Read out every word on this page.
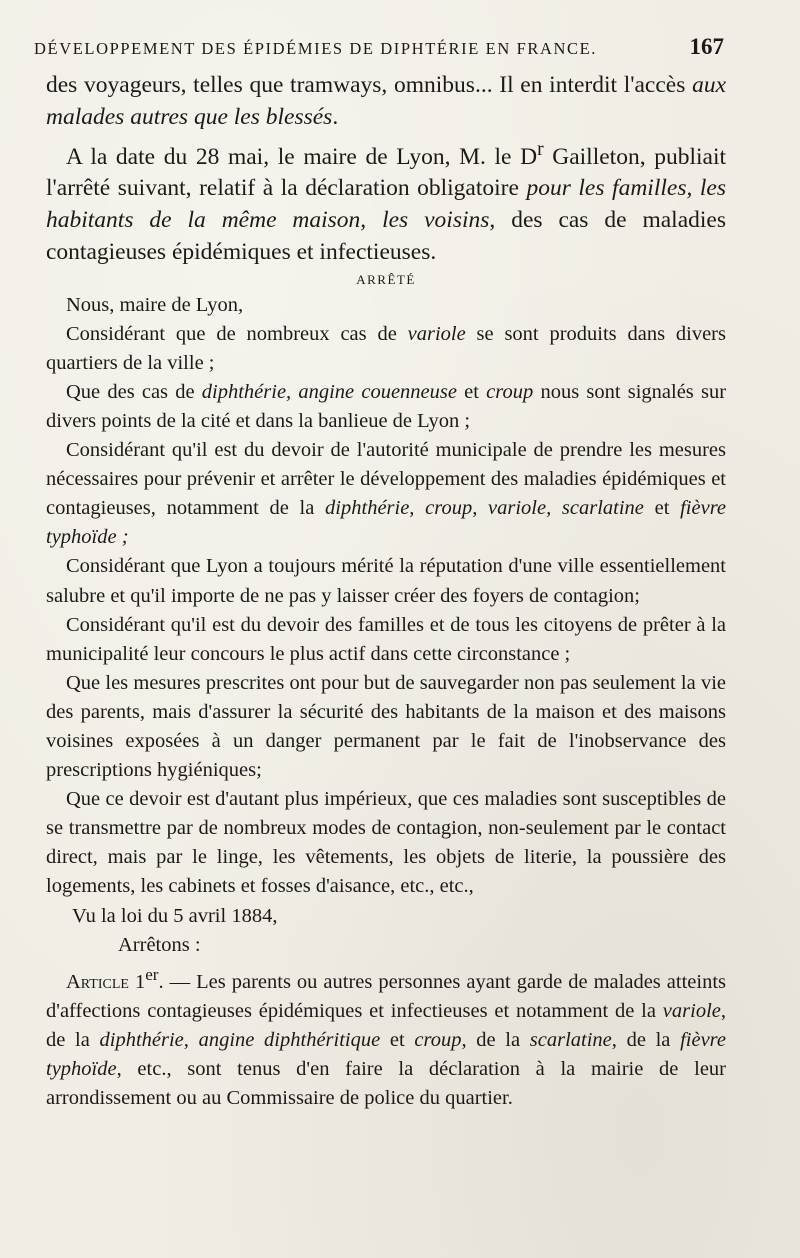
DÉVELOPPEMENT DES ÉPIDÉMIES DE DIPHTÉRIE EN FRANCE.	167

des voyageurs, telles que tramways, omnibus... Il en interdit l'accès aux malades autres que les blessés.

A la date du 28 mai, le maire de Lyon, M. le $D^r$ Gailleton, publiait l'arrêté suivant, relatif à la déclaration obligatoire pour les familles, les habitants de la même maison, les voisins, des cas de maladies contagieuses épidémiques et infectieuses.

ARRÊTÉ

Nous, maire de Lyon,

Considérant que de nombreux cas de variole se sont produits dans divers quartiers de la ville ;

Que des cas de diphthérie, angine couenneuse et croup nous sont signalés sur divers points de la cité et dans la banlieue de Lyon ;

Considérant qu'il est du devoir de l'autorité municipale de prendre les mesures nécessaires pour prévenir et arrêter le développement des maladies épidémiques et contagieuses, notamment de la diphthérie, croup, variole, scarlatine et fièvre typhoïde ;

Considérant que Lyon a toujours mérité la réputation d'une ville essentiellement salubre et qu'il importe de ne pas y laisser créer des foyers de contagion;

Considérant qu'il est du devoir des familles et de tous les citoyens de prêter à la municipalité leur concours le plus actif dans cette circonstance ;

Que les mesures prescrites ont pour but de sauvegarder non pas seulement la vie des parents, mais d'assurer la sécurité des habitants de la maison et des maisons voisines exposées à un danger permanent par le fait de l'inobservance des prescriptions hygiéniques;

Que ce devoir est d'autant plus impérieux, que ces maladies sont susceptibles de se transmettre par de nombreux modes de contagion, non-seulement par le contact direct, mais par le linge, les vêtements, les objets de literie, la poussière des logements, les cabinets et fosses d'aisance, etc., etc.,

Vu la loi du 5 avril 1884,

Arrêtons :

Article 1er. — Les parents ou autres personnes ayant garde de malades atteints d'affections contagieuses épidémiques et infectieuses et notamment de la variole, de la diphthérie, angine diphthéritique et croup, de la scarlatine, de la fièvre typhoïde, etc., sont tenus d'en faire la déclaration à la mairie de leur arrondissement ou au Commissaire de police du quartier.
